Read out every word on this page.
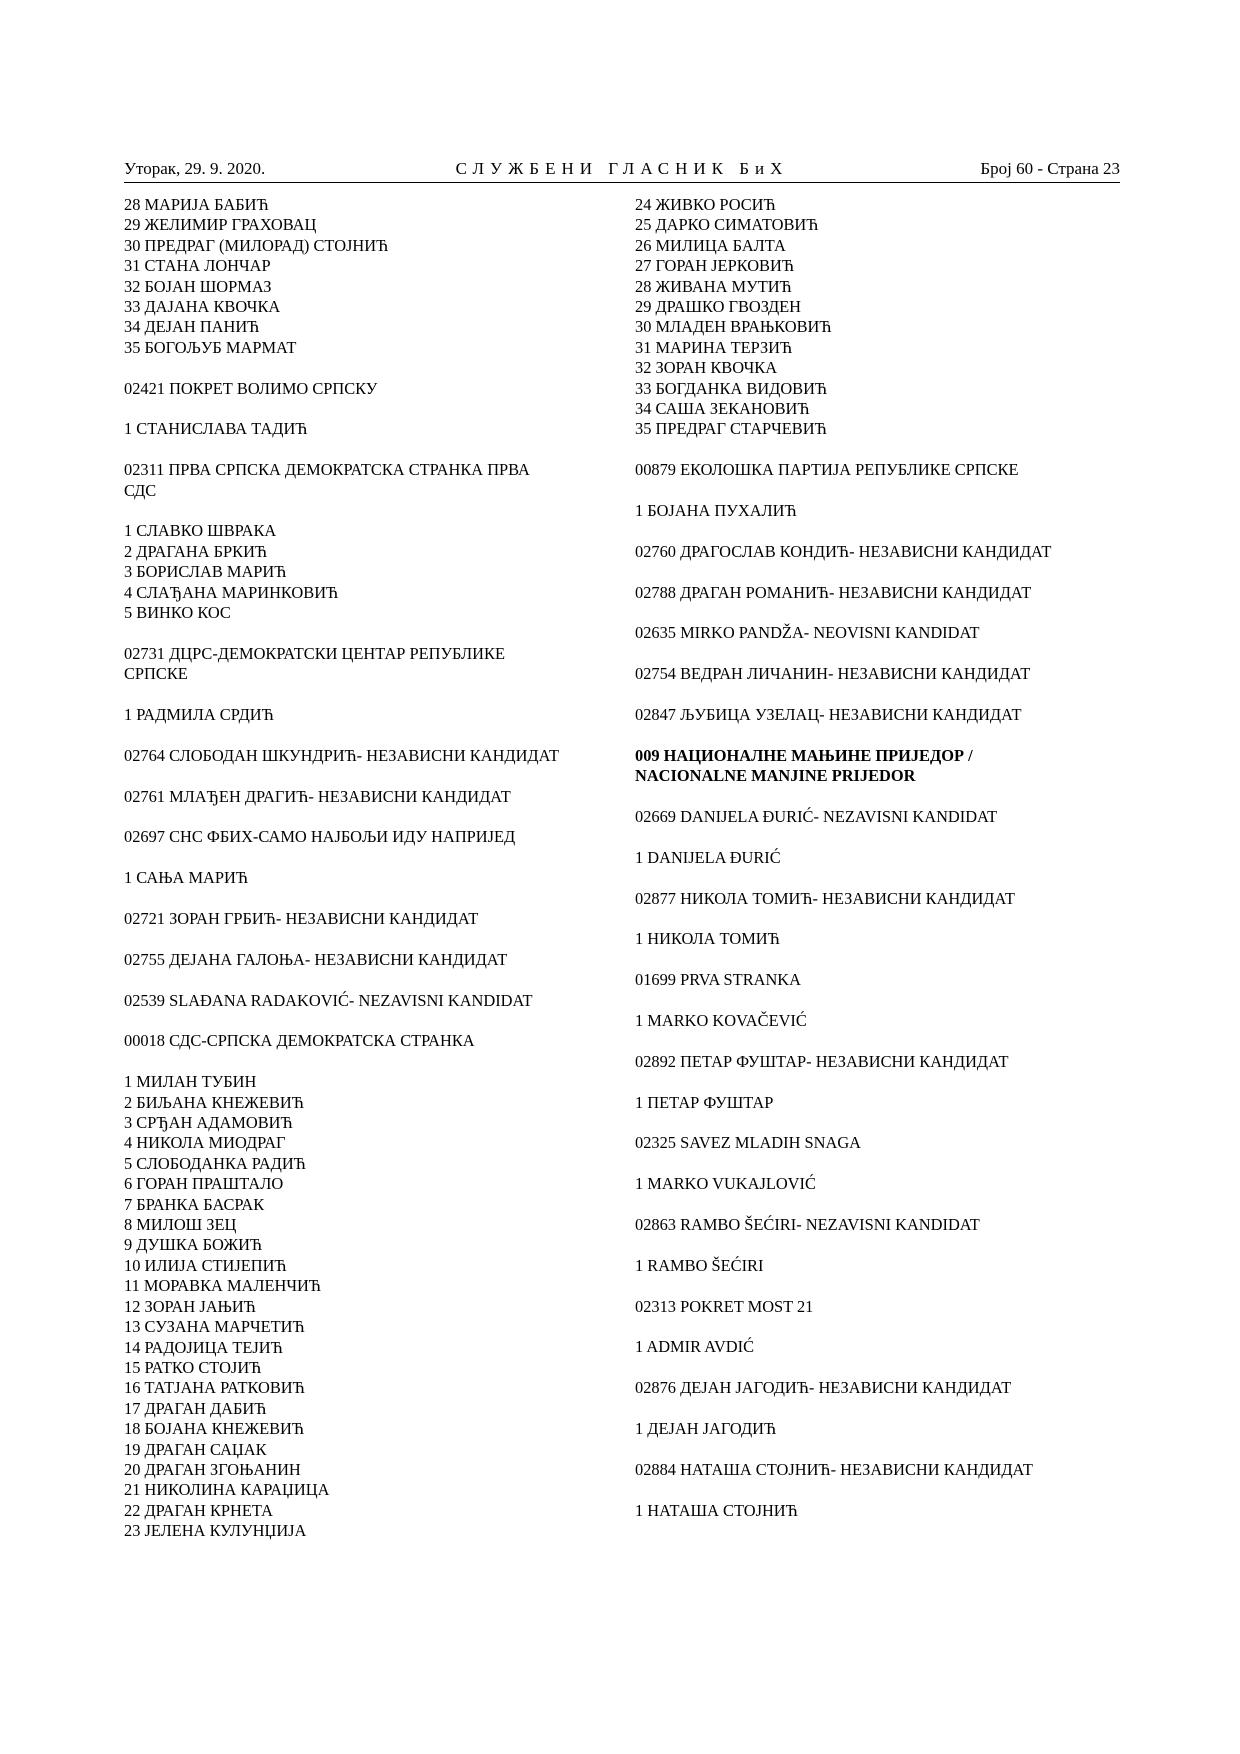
Уторак, 29. 9. 2020.	СЛУЖБЕНИ ГЛАСНИК БиХ	Број 60 - Страна 23
28 МАРИЈА БАБИЋ
29 ЖЕЛИМИР ГРАХОВАЦ
30 ПРЕДРАГ (МИЛОРАД) СТОЈНИЋ
31 СТАНА ЛОНЧАР
32 БОЈАН ШОРМАЗ
33 ДАЈАНА КВОЧКА
34 ДЕЈАН ПАНИЋ
35 БОГОЉУБ МАРМАТ
02421 ПОКРЕТ ВОЛИМО СРПСКУ
1 СТАНИСЛАВА ТАДИЋ
02311 ПРВА СРПСКА ДЕМОКРАТСКА СТРАНКА ПРВА
СДС
1 СЛАВКО ШВРАКА
2 ДРАГАНА БРКИЋ
3 БОРИСЛАВ МАРИЋ
4 СЛАЂАНА МАРИНКОВИЋ
5 ВИНКО КОС
02731 ДЦРС-ДЕМОКРАТСКИ ЦЕНТАР РЕПУБЛИКЕ
СРПСКЕ
1 РАДМИЛА СРДИЋ
02764 СЛОБОДАН ШКУНДРИЋ- НЕЗАВИСНИ КАНДИДАТ
02761 МЛАЂЕН ДРАГИЋ- НЕЗАВИСНИ КАНДИДАТ
02697 СНС ФБИХ-САМО НАЈБОЉИ ИДУ НАПРИЈЕД
1 САЊА МАРИЋ
02721 ЗОРАН ГРБИЋ- НЕЗАВИСНИ КАНДИДАТ
02755 ДЕЈАНА ГАЛОЊА- НЕЗАВИСНИ КАНДИДАТ
02539 SLAĐANA RADAKOVIĆ- NEZAVISNI KANDIDAT
00018 СДС-СРПСКА ДЕМОКРАТСКА СТРАНКА
1 МИЛАН ТУБИН
2 БИЉАНА КНЕЖЕВИЋ
3 СРЂАН АДАМОВИЋ
4 НИКОЛА МИОДРАГ
5 СЛОБОДАНКА РАДИЋ
6 ГОРАН ПРАШТАЛО
7 БРАНКА БАСРАК
8 МИЛОШ ЗЕЦ
9 ДУШКА БОЖИЋ
10 ИЛИЈА СТИЈЕПИЋ
11 МОРАВКА МАЛЕНЧИЋ
12 ЗОРАН ЈАЊИЋ
13 СУЗАНА МАРЧЕТИЋ
14 РАДОЈИЦА ТЕЈИЋ
15 РАТКО СТОЈИЋ
16 ТАТЈАНА РАТКОВИЋ
17 ДРАГАН ДАБИЋ
18 БОЈАНА КНЕЖЕВИЋ
19 ДРАГАН САЏАК
20 ДРАГАН ЗГОЊАНИН
21 НИКОЛИНА КАРАЏИЦА
22 ДРАГАН КРНЕТА
23 ЈЕЛЕНА КУЛУНЏИЈА
24 ЖИВКО РОСИЋ
25 ДАРКО СИМАТОВИЋ
26 МИЛИЦА БАЛТА
27 ГОРАН ЈЕРКОВИЋ
28 ЖИВАНА МУТИЋ
29 ДРАШКО ГВОЗДЕН
30 МЛАДЕН ВРАЊКОВИЋ
31 МАРИНА ТЕРЗИЋ
32 ЗОРАН КВОЧКА
33 БОГДАНКА ВИДОВИЋ
34 САША ЗЕКАНОВИЋ
35 ПРЕДРАГ СТАРЧЕВИЋ
00879 ЕКОЛОШКА ПАРТИЈА РЕПУБЛИКЕ СРПСКЕ
1 БОЈАНА ПУХАЛИЋ
02760 ДРАГОСЛАВ КОНДИЋ- НЕЗАВИСНИ КАНДИДАТ
02788 ДРАГАН РОМАНИЋ- НЕЗАВИСНИ КАНДИДАТ
02635 MIRKO PANDŽA- NEOVISNI KANDIDAT
02754 ВЕДРАН ЛИЧАНИН- НЕЗАВИСНИ КАНДИДАТ
02847 ЉУБИЦА УЗЕЛАЦ- НЕЗАВИСНИ КАНДИДАТ
009 НАЦИОНАЛНЕ МАЊИНЕ ПРИЈЕДОР /
NACIONALNE MANJINE PRIJEDOR
02669 DANIJELA ĐURIĆ- NEZAVISNI KANDIDAT
1 DANIJELA ĐURIĆ
02877 НИКОЛА ТОМИЋ- НЕЗАВИСНИ КАНДИДАТ
1 НИКОЛА ТОМИЋ
01699 PRVA STRANKA
1 MARKO KOVAČEVIĆ
02892 ПЕТАР ФУШТАР- НЕЗАВИСНИ КАНДИДАТ
1 ПЕТАР ФУШТАР
02325 SAVEZ MLADIH SNAGA
1 MARKO VUKAJLOVIĆ
02863 RAMBO ŠEĆIRI- NEZAVISNI KANDIDAT
1 RAMBO ŠEĆIRI
02313 POKRET MOST 21
1 ADMIR AVDIĆ
02876 ДЕЈАН ЈАГОДИЋ- НЕЗАВИСНИ КАНДИДАТ
1 ДЕЈАН ЈАГОДИЋ
02884 НАТАША СТОЈНИЋ- НЕЗАВИСНИ КАНДИДАТ
1 НАТАША СТОЈНИЋ
